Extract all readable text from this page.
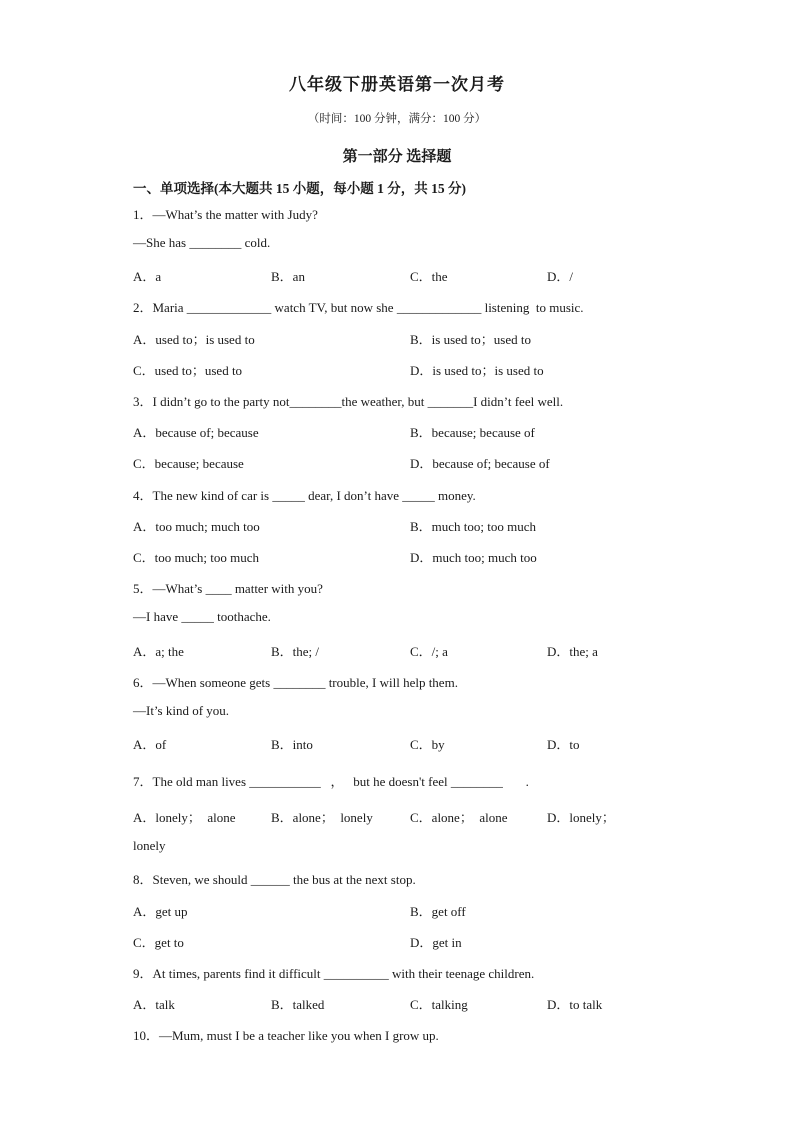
八年级下册英语第一次月考
（时间：100 分钟，满分：100 分）
第一部分 选择题
一、单项选择(本大题共 15 小题，每小题 1 分，共 15 分)
1．—What’s the matter with Judy?
—She has ________ cold.
A．a	B．an	C．the	D．/
2．Maria _____________ watch TV, but now she _____________ listening  to music.
A．used to；is used to	B．is used to；used to
C．used to；used to	D．is used to；is used to
3．I didn’t go to the party not________the weather, but _______I didn’t feel well.
A．because of; because	B．because; because of
C．because; because	D．because of; because of
4．The new kind of car is _____ dear, I don’t have _____ money.
A．too much; much too	B．much too; too much
C．too much; too much	D．much too; much too
5．—What’s ____ matter with you?
—I have _____ toothache.
A．a; the	B．the; /	C．/; a	D．the; a
6．—When someone gets ________ trouble, I will help them.
—It’s kind of you.
A．of	B．into	C．by	D．to
7．The old man lives ___________   ，   but he doesn't feel ________       .
A．lonely；  alone	B．alone；  lonely	C．alone；  alone	D．lonely；
lonely
8．Steven, we should ______ the bus at the next stop.
A．get up	B．get off
C．get to	D．get in
9．At times, parents find it difficult __________ with their teenage children.
A．talk	B．talked	C．talking	D．to talk
10．—Mum, must I be a teacher like you when I grow up.
